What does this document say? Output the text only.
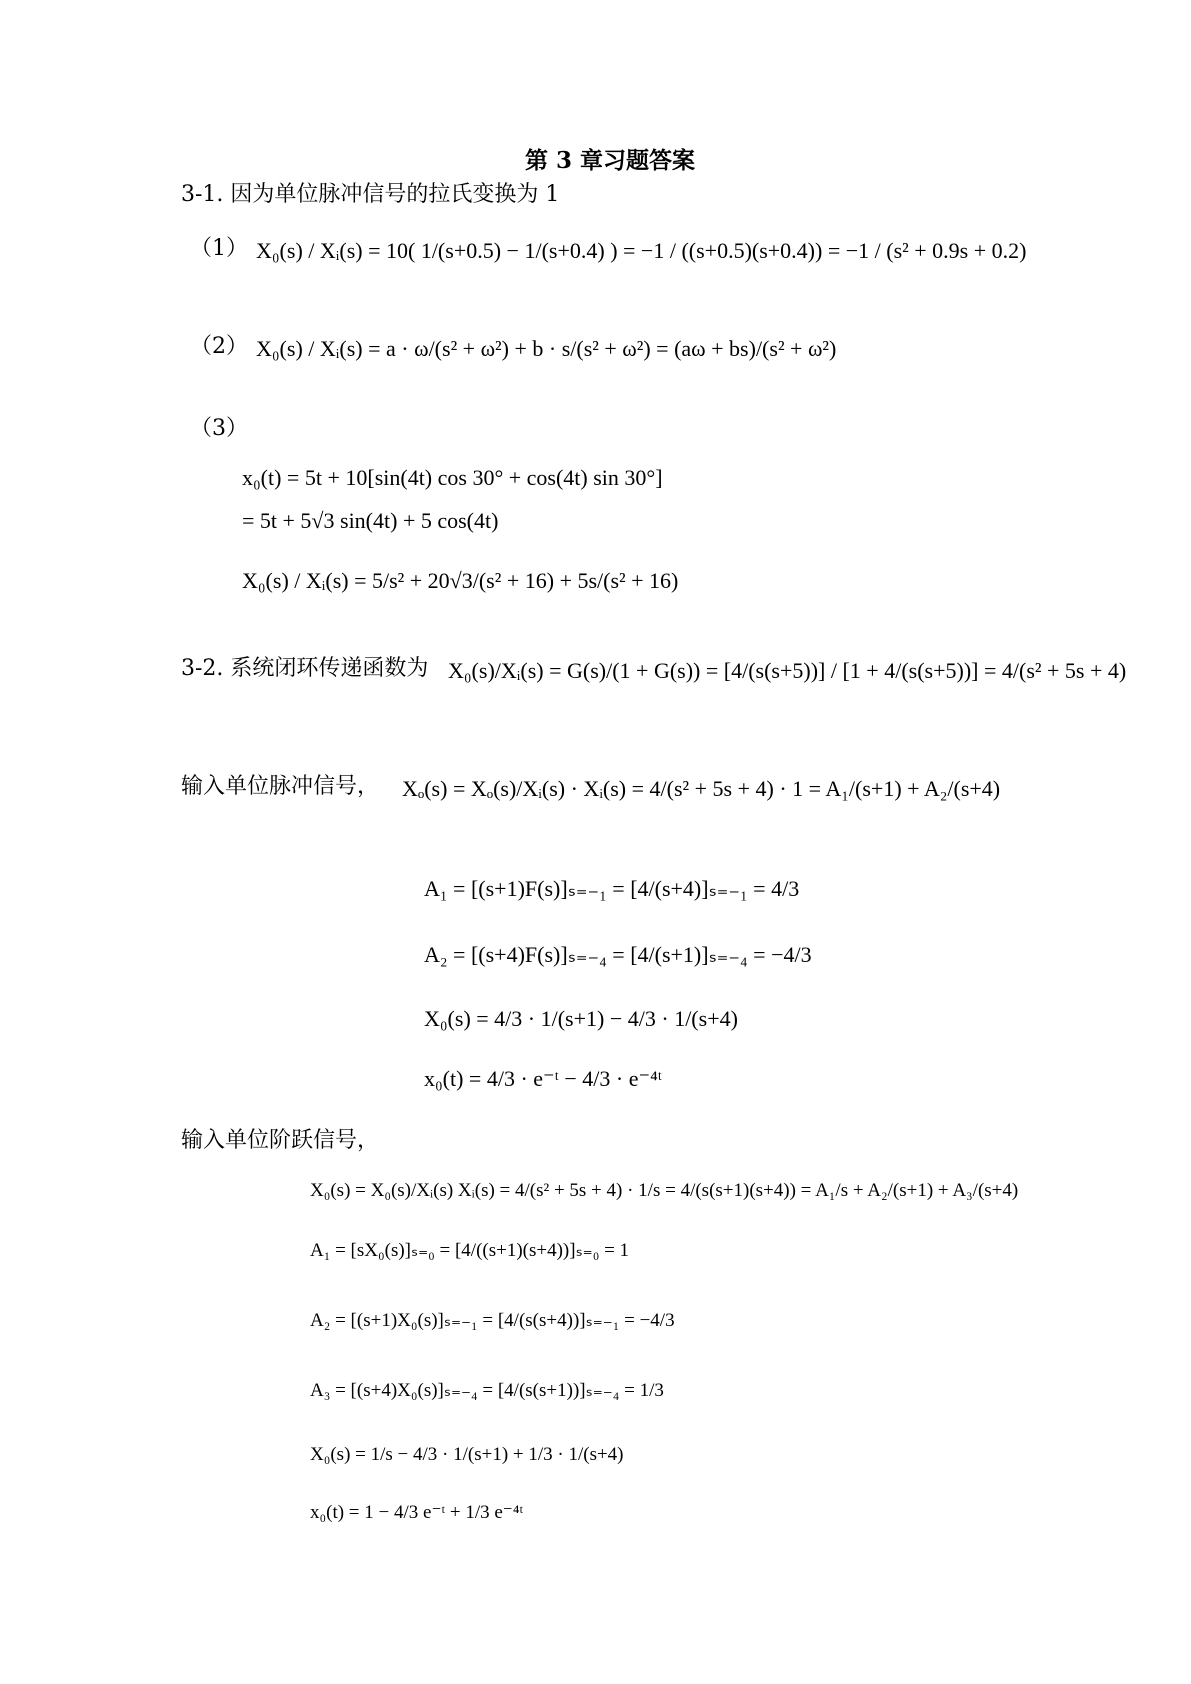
第 3 章习题答案
3-1. 因为单位脉冲信号的拉氏变换为 1
（1） X₀(s) / Xᵢ(s) = 10( 1/(s+0.5) − 1/(s+0.4) ) = −1 / ((s+0.5)(s+0.4)) = −1 / (s² + 0.9s + 0.2)
（2） X₀(s) / Xᵢ(s) = a · ω/(s² + ω²) + b · s/(s² + ω²) = (aω + bs)/(s² + ω²)
（3）
x₀(t) = 5t + 10[sin(4t) cos 30° + cos(4t) sin 30°]
= 5t + 5√3 sin(4t) + 5 cos(4t)
X₀(s) / Xᵢ(s) = 5/s² + 20√3/(s² + 16) + 5s/(s² + 16)
3-2. 系统闭环传递函数为 X₀(s)/Xᵢ(s) = G(s)/(1 + G(s)) = [4/(s(s+5))] / [1 + 4/(s(s+5))] = 4/(s² + 5s + 4)
输入单位脉冲信号， Xₒ(s) = Xₒ(s)/Xᵢ(s) · Xᵢ(s) = 4/(s² + 5s + 4) · 1 = A₁/(s+1) + A₂/(s+4)
A₁ = [(s+1)F(s)]ₛ₌₋₁ = [4/(s+4)]ₛ₌₋₁ = 4/3
A₂ = [(s+4)F(s)]ₛ₌₋₄ = [4/(s+1)]ₛ₌₋₄ = −4/3
X₀(s) = 4/3 · 1/(s+1) − 4/3 · 1/(s+4)
x₀(t) = 4/3 · e⁻ᵗ − 4/3 · e⁻⁴ᵗ
输入单位阶跃信号，
X₀(s) = X₀(s)/Xᵢ(s) Xᵢ(s) = 4/(s² + 5s + 4) · 1/s = 4/(s(s+1)(s+4)) = A₁/s + A₂/(s+1) + A₃/(s+4)
A₁ = [sX₀(s)]ₛ₌₀ = [4/((s+1)(s+4))]ₛ₌₀ = 1
A₂ = [(s+1)X₀(s)]ₛ₌₋₁ = [4/(s(s+4))]ₛ₌₋₁ = −4/3
A₃ = [(s+4)X₀(s)]ₛ₌₋₄ = [4/(s(s+1))]ₛ₌₋₄ = 1/3
X₀(s) = 1/s − 4/3 · 1/(s+1) + 1/3 · 1/(s+4)
x₀(t) = 1 − 4/3 e⁻ᵗ + 1/3 e⁻⁴ᵗ
